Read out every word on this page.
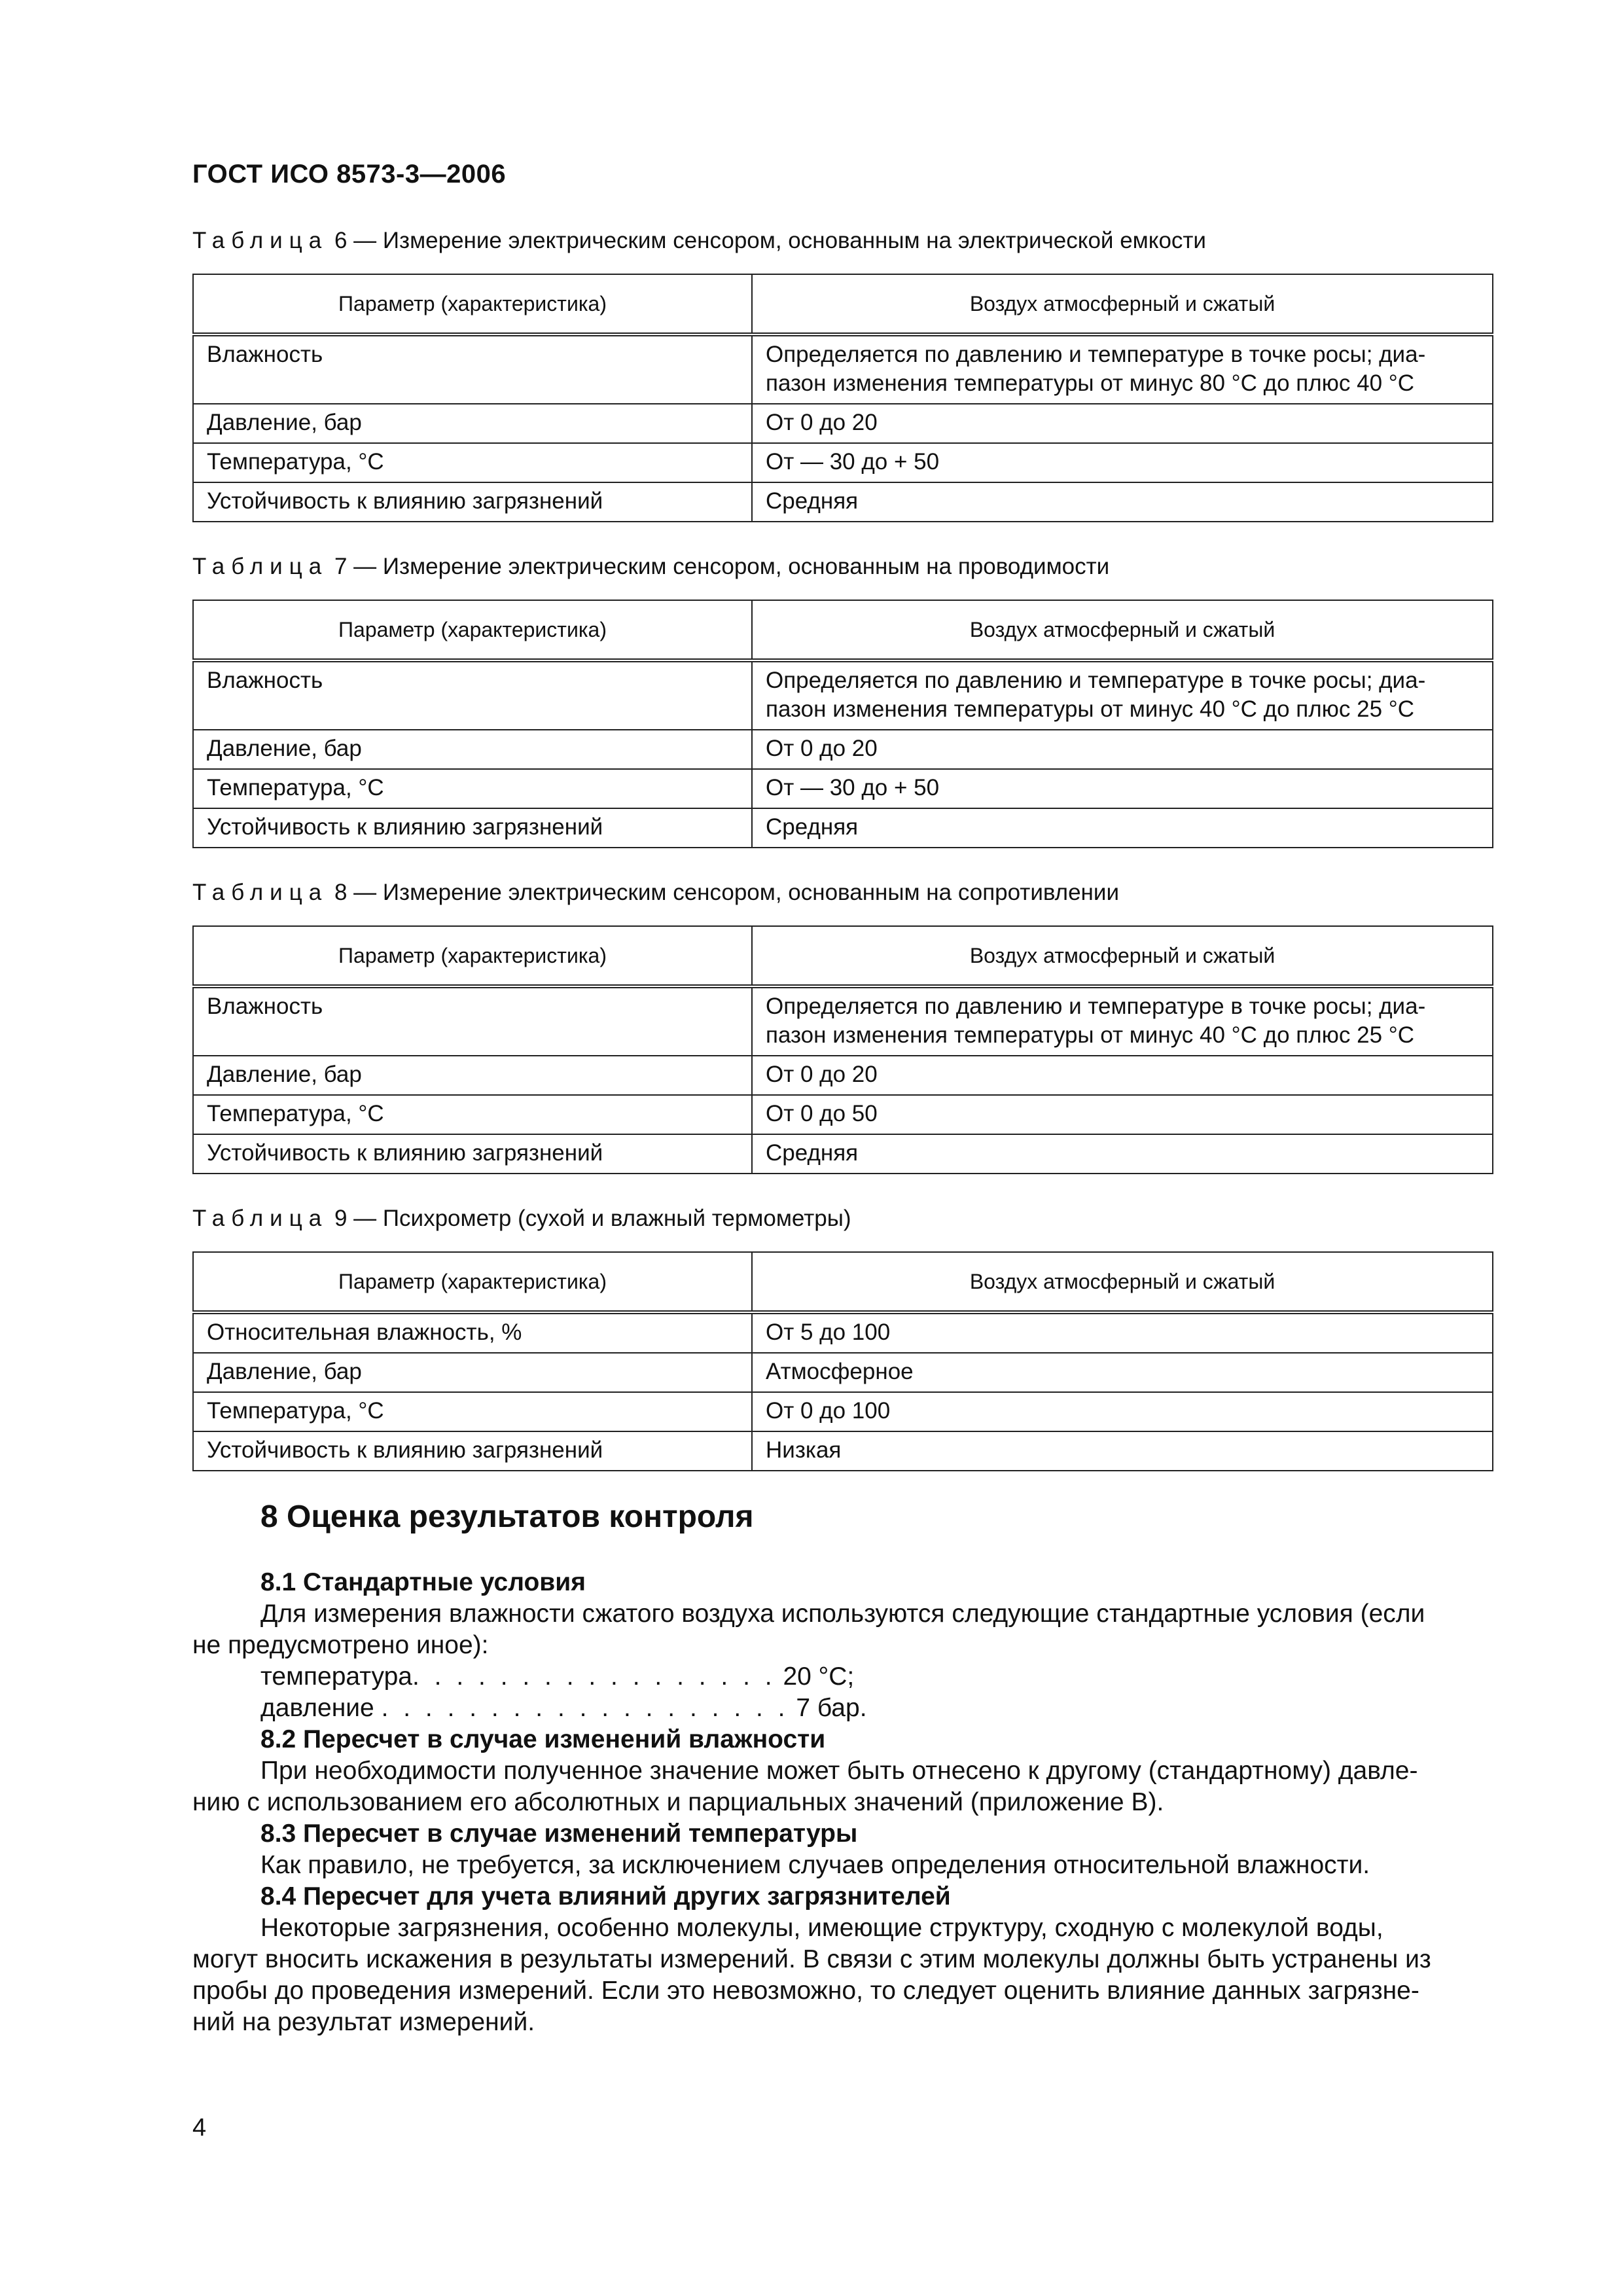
ГОСТ ИСО 8573-3—2006
Таблица 6 — Измерение электрическим сенсором, основанным на электрической емкости
Параметр (характеристика)	Воздух атмосферный и сжатый
Влажность	Определяется по давлению и температуре в точке росы; диа-
пазон изменения температуры от минус 80 °С до плюс 40 °С

Давление, бар	От 0 до 20
Температура, °С	От — 30 до + 50
Устойчивость к влиянию загрязнений	Средняя
Таблица 7 — Измерение электрическим сенсором, основанным на проводимости
Параметр (характеристика)	Воздух атмосферный и сжатый
Влажность	Определяется по давлению и температуре в точке росы; диа-
пазон изменения температуры от минус 40 °С до плюс 25 °С

Давление, бар	От 0 до 20
Температура, °С	От — 30 до + 50
Устойчивость к влиянию загрязнений	Средняя
Таблица 8 — Измерение электрическим сенсором, основанным на сопротивлении
Параметр (характеристика)	Воздух атмосферный и сжатый
Влажность	Определяется по давлению и температуре в точке росы; диа-
пазон изменения температуры от минус 40 °С до плюс 25 °С

Давление, бар	От 0 до 20
Температура, °С	От 0 до 50
Устойчивость к влиянию загрязнений	Средняя
Таблица 9 — Психрометр (сухой и влажный термометры)
Параметр (характеристика)	Воздух атмосферный и сжатый
Относительная влажность, %	От 5 до 100
Давление, бар	Атмосферное
Температура, °С	От 0 до 100
Устойчивость к влиянию загрязнений	Низкая
8 Оценка результатов контроля
8.1 Стандартные условия
Для измерения влажности сжатого воздуха используются следующие стандартные условия (если
не предусмотрено иное):
температура. . . . . . . . . . . . . . . . . 20 °С;
давление . . . . . . . . . . . . . . . . . . . 7 бар.
8.2 Пересчет в случае изменений влажности
При необходимости полученное значение может быть отнесено к другому (стандартному) давле-
нию с использованием его абсолютных и парциальных значений (приложение В).
8.3 Пересчет в случае изменений температуры
Как правило, не требуется, за исключением случаев определения относительной влажности.
8.4 Пересчет для учета влияний других загрязнителей
Некоторые загрязнения, особенно молекулы, имеющие структуру, сходную с молекулой воды,
могут вносить искажения в результаты измерений. В связи с этим молекулы должны быть устранены из
пробы до проведения измерений. Если это невозможно, то следует оценить влияние данных загрязне-
ний на результат измерений.
4
